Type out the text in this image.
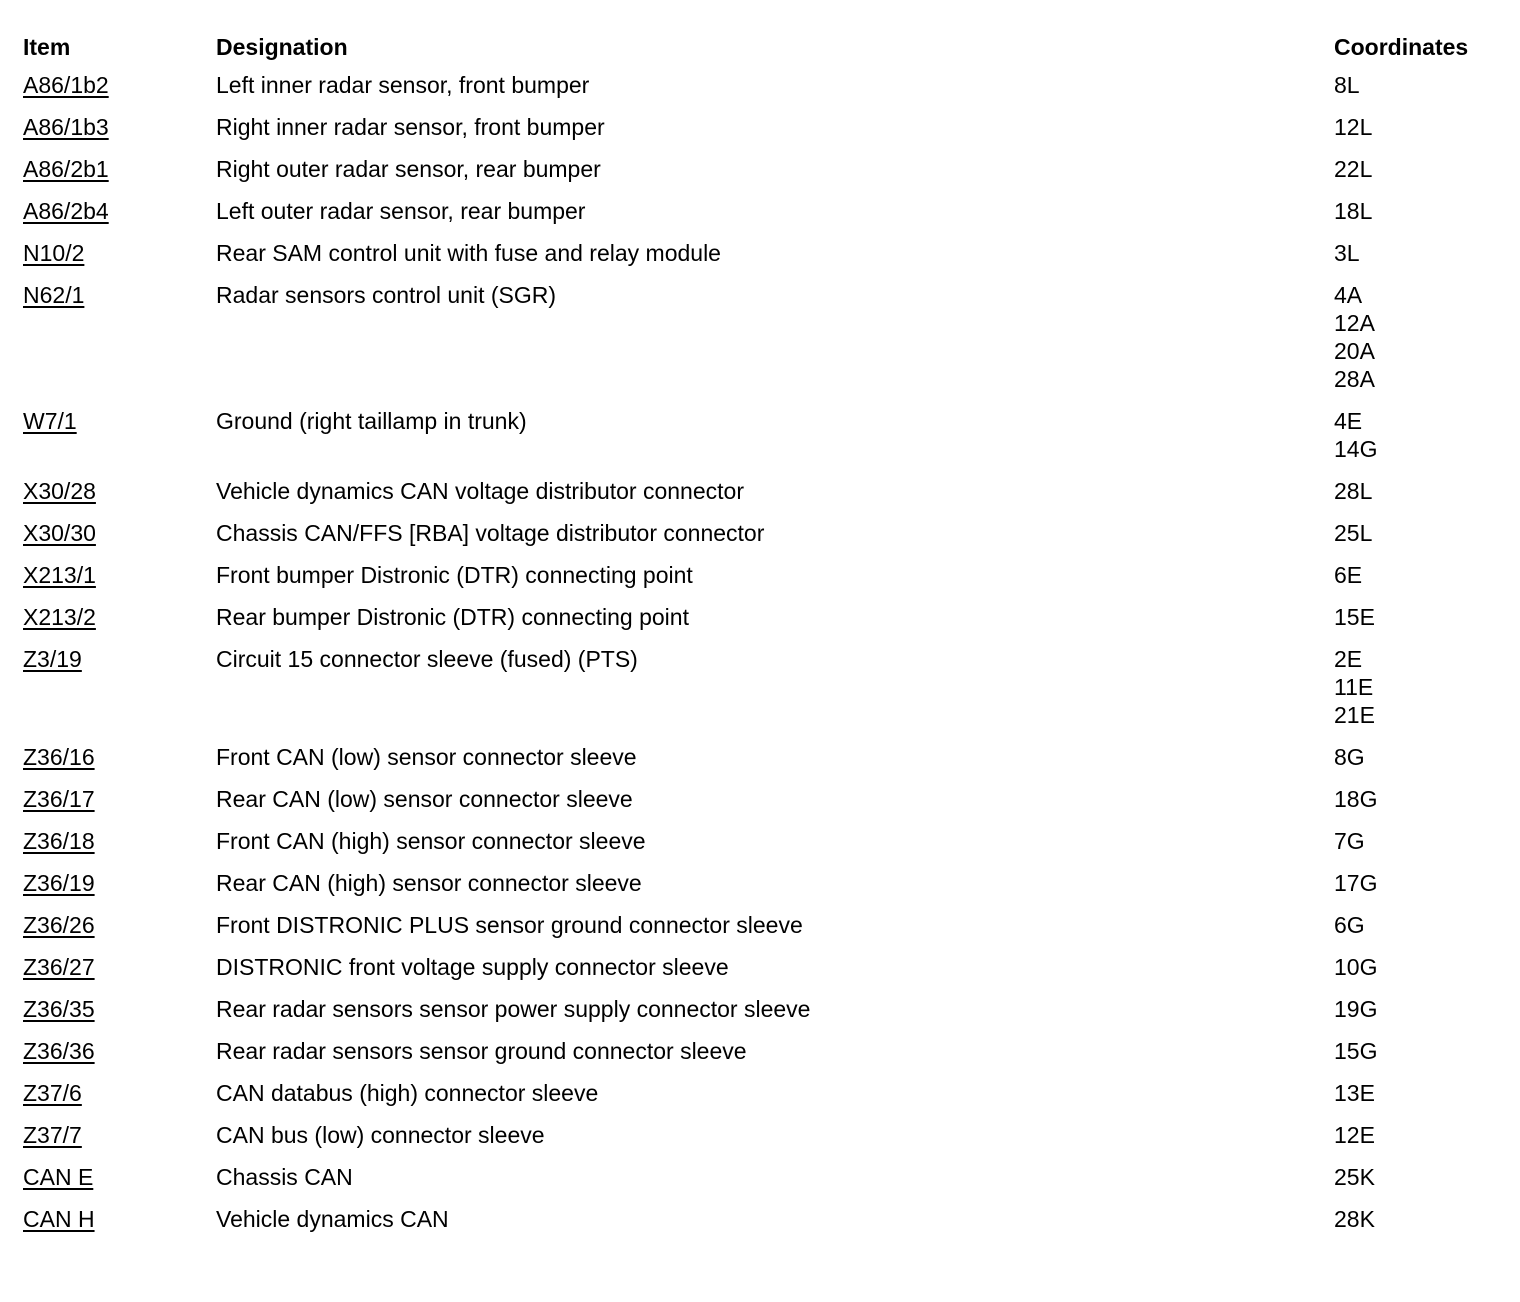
Item	Designation	Coordinates
A86/1b2	Left inner radar sensor, front bumper	8L
A86/1b3	Right inner radar sensor, front bumper	12L
A86/2b1	Right outer radar sensor, rear bumper	22L
A86/2b4	Left outer radar sensor, rear bumper	18L
N10/2	Rear SAM control unit with fuse and relay module	3L
N62/1	Radar sensors control unit (SGR)	4A
12A
20A
28A
W7/1	Ground (right taillamp in trunk)	4E
14G
X30/28	Vehicle dynamics CAN voltage distributor connector	28L
X30/30	Chassis CAN/FFS [RBA] voltage distributor connector	25L
X213/1	Front bumper Distronic (DTR) connecting point	6E
X213/2	Rear bumper Distronic (DTR) connecting point	15E
Z3/19	Circuit 15 connector sleeve (fused) (PTS)	2E
11E
21E
Z36/16	Front CAN (low) sensor connector sleeve	8G
Z36/17	Rear CAN (low) sensor connector sleeve	18G
Z36/18	Front CAN (high) sensor connector sleeve	7G
Z36/19	Rear CAN (high) sensor connector sleeve	17G
Z36/26	Front DISTRONIC PLUS sensor ground connector sleeve	6G
Z36/27	DISTRONIC front voltage supply connector sleeve	10G
Z36/35	Rear radar sensors sensor power supply connector sleeve	19G
Z36/36	Rear radar sensors sensor ground connector sleeve	15G
Z37/6	CAN databus (high) connector sleeve	13E
Z37/7	CAN bus (low) connector sleeve	12E
CAN E	Chassis CAN	25K
CAN H	Vehicle dynamics CAN	28K
